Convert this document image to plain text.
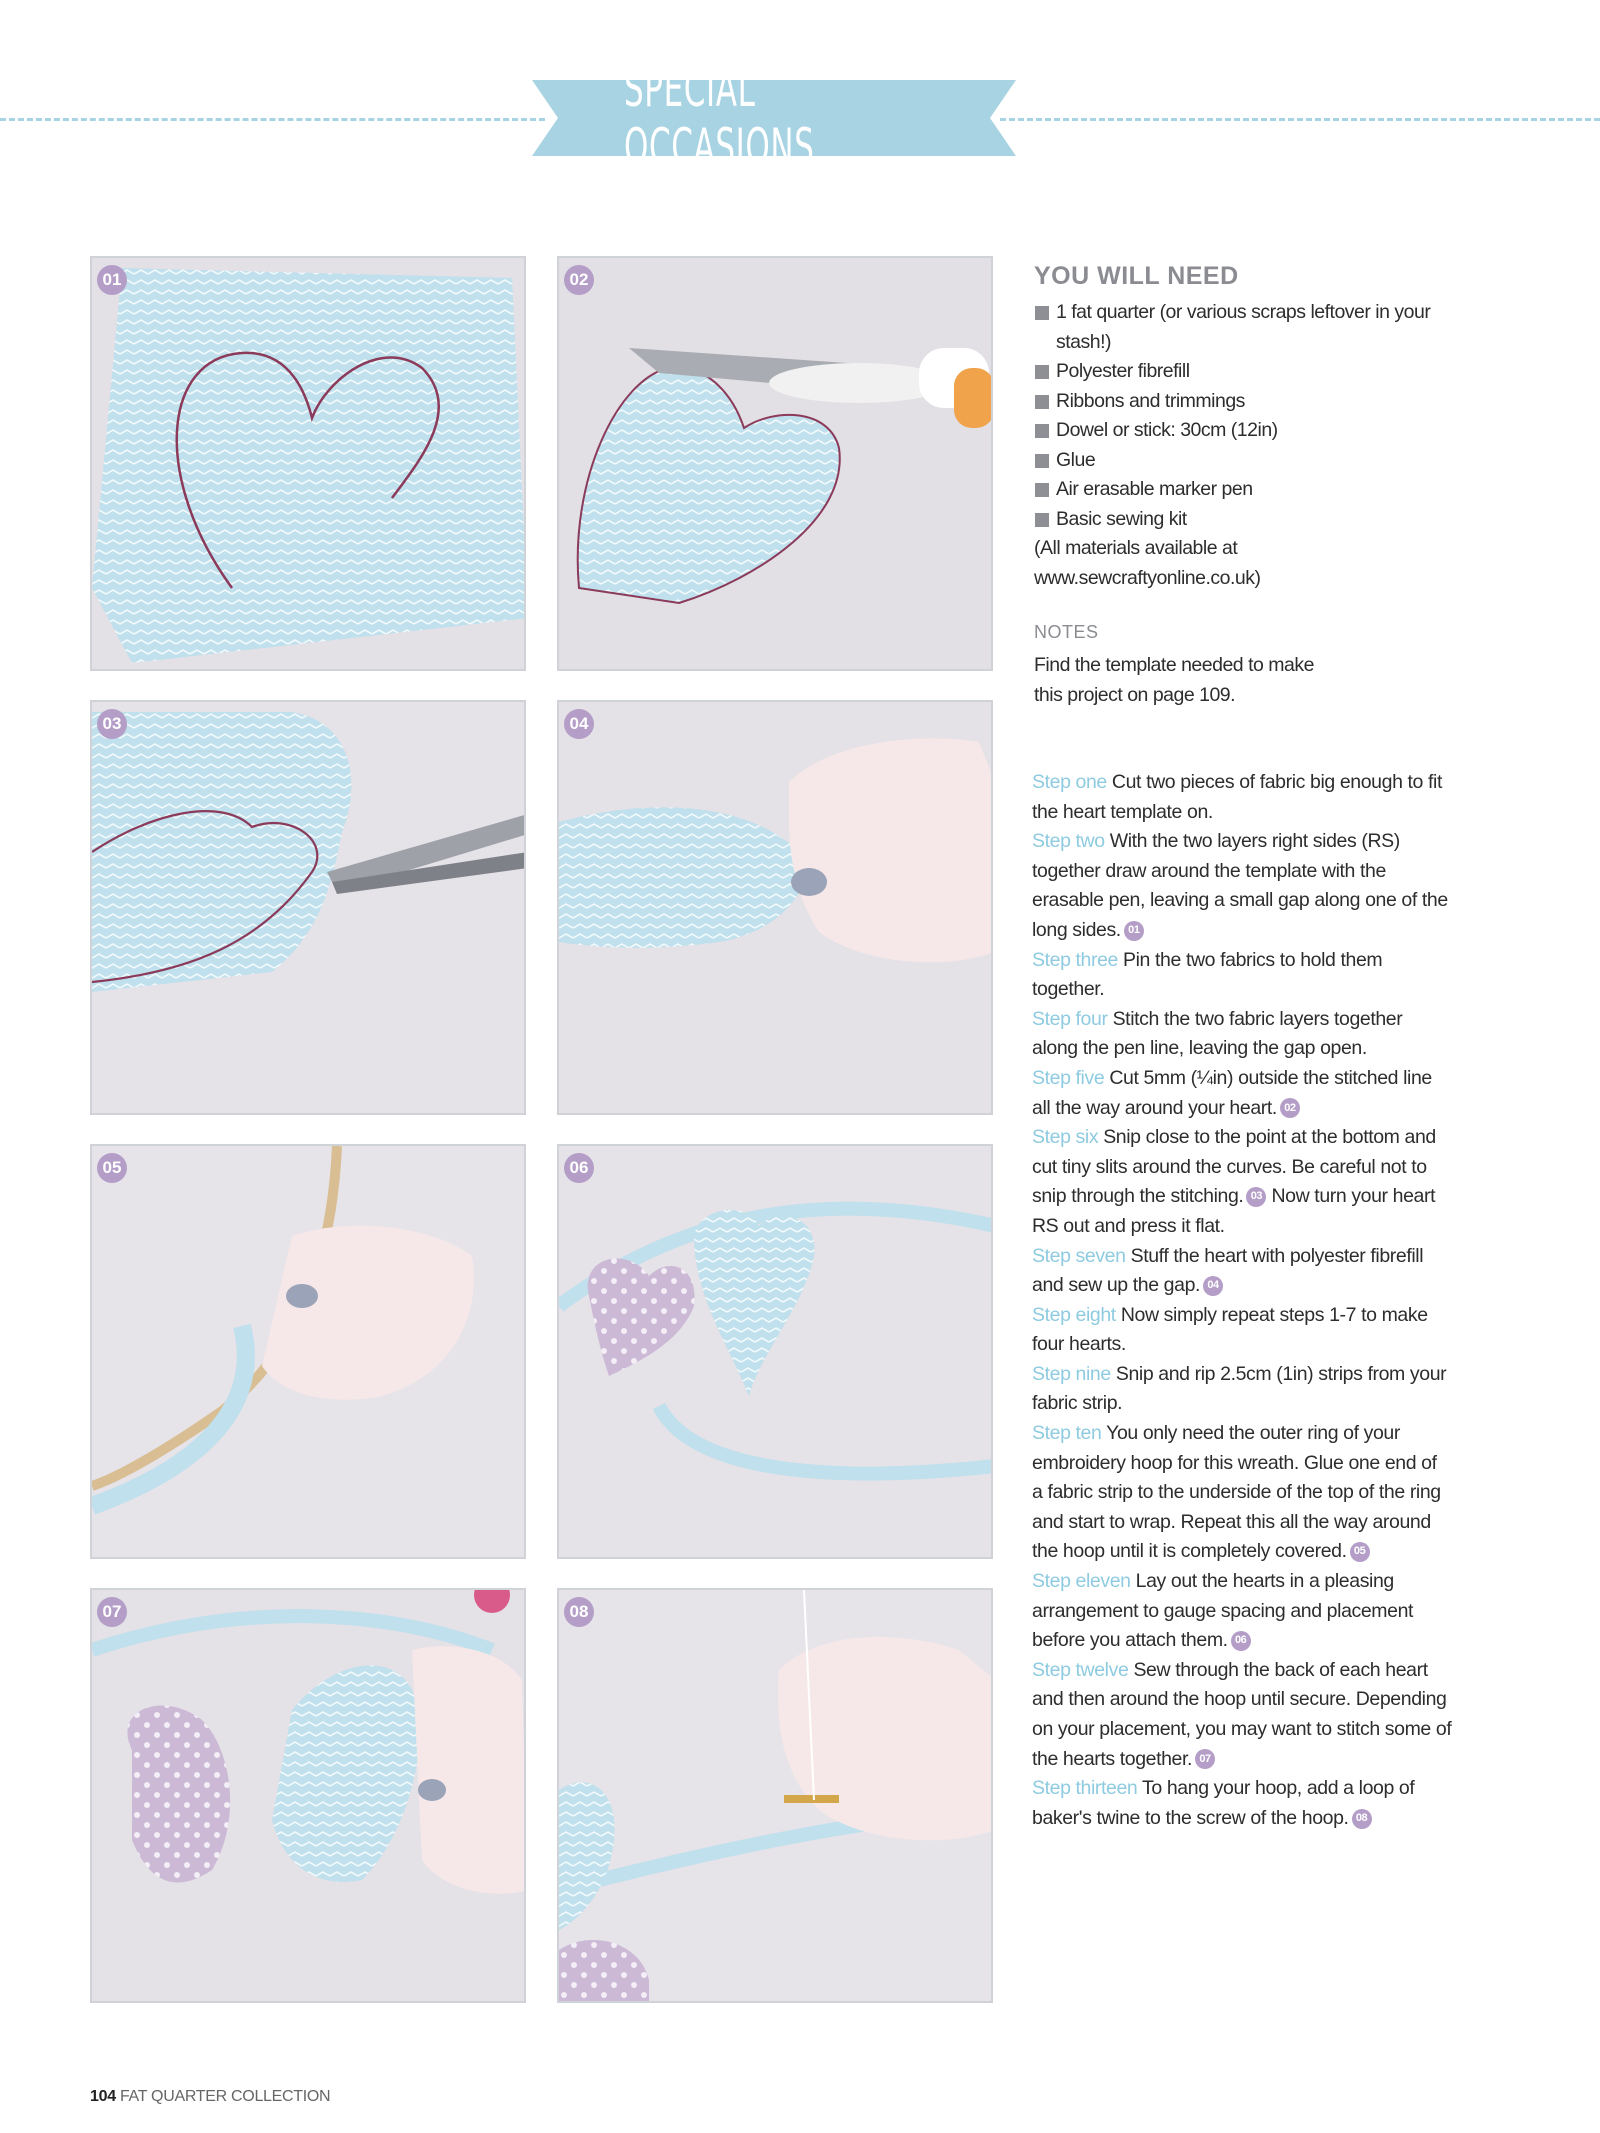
SPECIAL OCCASIONS
01	02
03	04
05	06
07	08
YOU WILL NEED
1 fat quarter (or various scraps leftover in your stash!)
Polyester fibrefill
Ribbons and trimmings
Dowel or stick: 30cm (12in)
Glue
Air erasable marker pen
Basic sewing kit
(All materials available at www.sewcraftyonline.co.uk)
NOTES
Find the template needed to make this project on page 109.

Step one Cut two pieces of fabric big enough to fit the heart template on.

Step two With the two layers right sides (RS) together draw around the template with the erasable pen, leaving a small gap along one of the long sides. 01

Step three Pin the two fabrics to hold them together.

Step four Stitch the two fabric layers together along the pen line, leaving the gap open.

Step five Cut 5mm (¼in) outside the stitched line all the way around your heart. 02

Step six Snip close to the point at the bottom and cut tiny slits around the curves. Be careful not to snip through the stitching. 03 Now turn your heart RS out and press it flat.

Step seven Stuff the heart with polyester fibrefill and sew up the gap. 04

Step eight Now simply repeat steps 1-7 to make four hearts.

Step nine Snip and rip 2.5cm (1in) strips from your fabric strip.

Step ten You only need the outer ring of your embroidery hoop for this wreath. Glue one end of a fabric strip to the underside of the top of the ring and start to wrap. Repeat this all the way around the hoop until it is completely covered. 05

Step eleven Lay out the hearts in a pleasing arrangement to gauge spacing and placement before you attach them. 06

Step twelve Sew through the back of each heart and then around the hoop until secure. Depending on your placement, you may want to stitch some of the hearts together. 07

Step thirteen To hang your hoop, add a loop of baker's twine to the screw of the hoop. 08

104 FAT QUARTER COLLECTION
